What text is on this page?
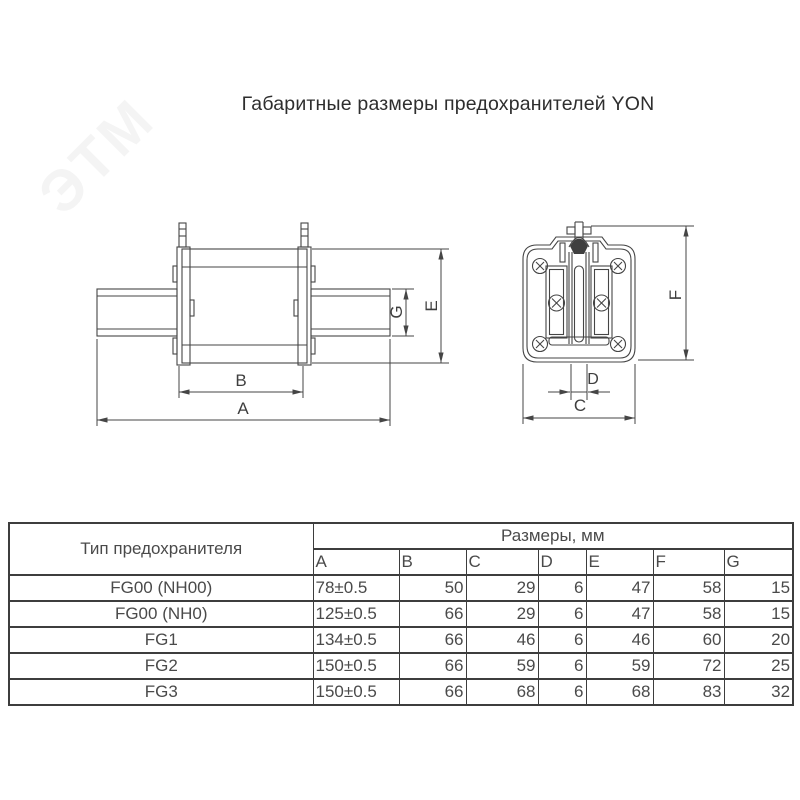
ЭТМ	Габаритные размеры предохранителей YON
E
G
B
A
F
D
C
Тип предохранителя	Размеры, мм						
	A	B	C	D	E	F	G
FG00 (NH00)	78±0.5	50	29	6	47	58	15
FG00 (NH0)	125±0.5	66	29	6	47	58	15
FG1	134±0.5	66	46	6	46	60	20
FG2	150±0.5	66	59	6	59	72	25
FG3	150±0.5	66	68	6	68	83	32
